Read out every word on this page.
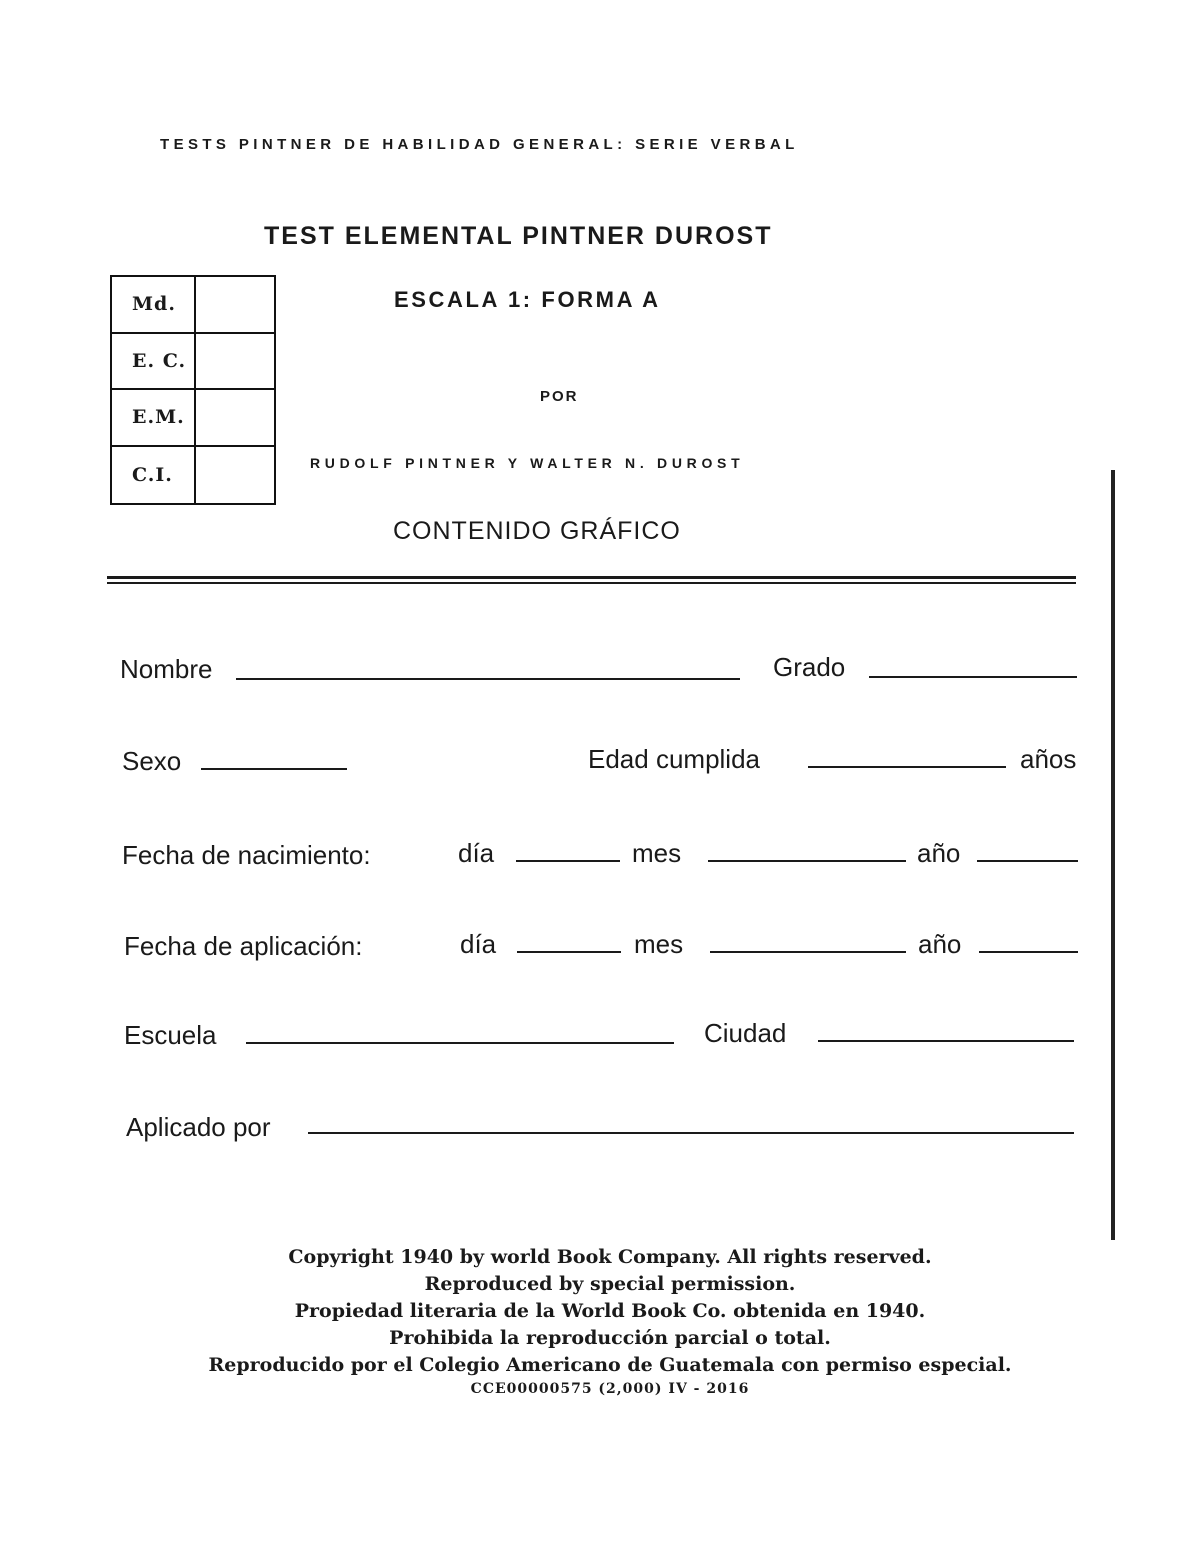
TESTS PINTNER DE HABILIDAD GENERAL: SERIE VERBAL
TEST ELEMENTAL PINTNER DUROST
ESCALA 1: FORMA A
POR
RUDOLF PINTNER Y WALTER N. DUROST
CONTENIDO GRÁFICO
Md.
E. C.
E.M.
C.I.
Nombre	Grado
Sexo	Edad cumplida	años
Fecha de nacimiento:	día	mes	año
Fecha de aplicación:	día	mes	año
Escuela	Ciudad
Aplicado por
Copyright 1940 by world Book Company. All rights reserved.
Reproduced by special permission.
Propiedad literaria de la World Book Co. obtenida en 1940.
Prohibida la reproducción parcial o total.
Reproducido por el Colegio Americano de Guatemala con permiso especial.
CCE00000575 (2,000) IV - 2016
